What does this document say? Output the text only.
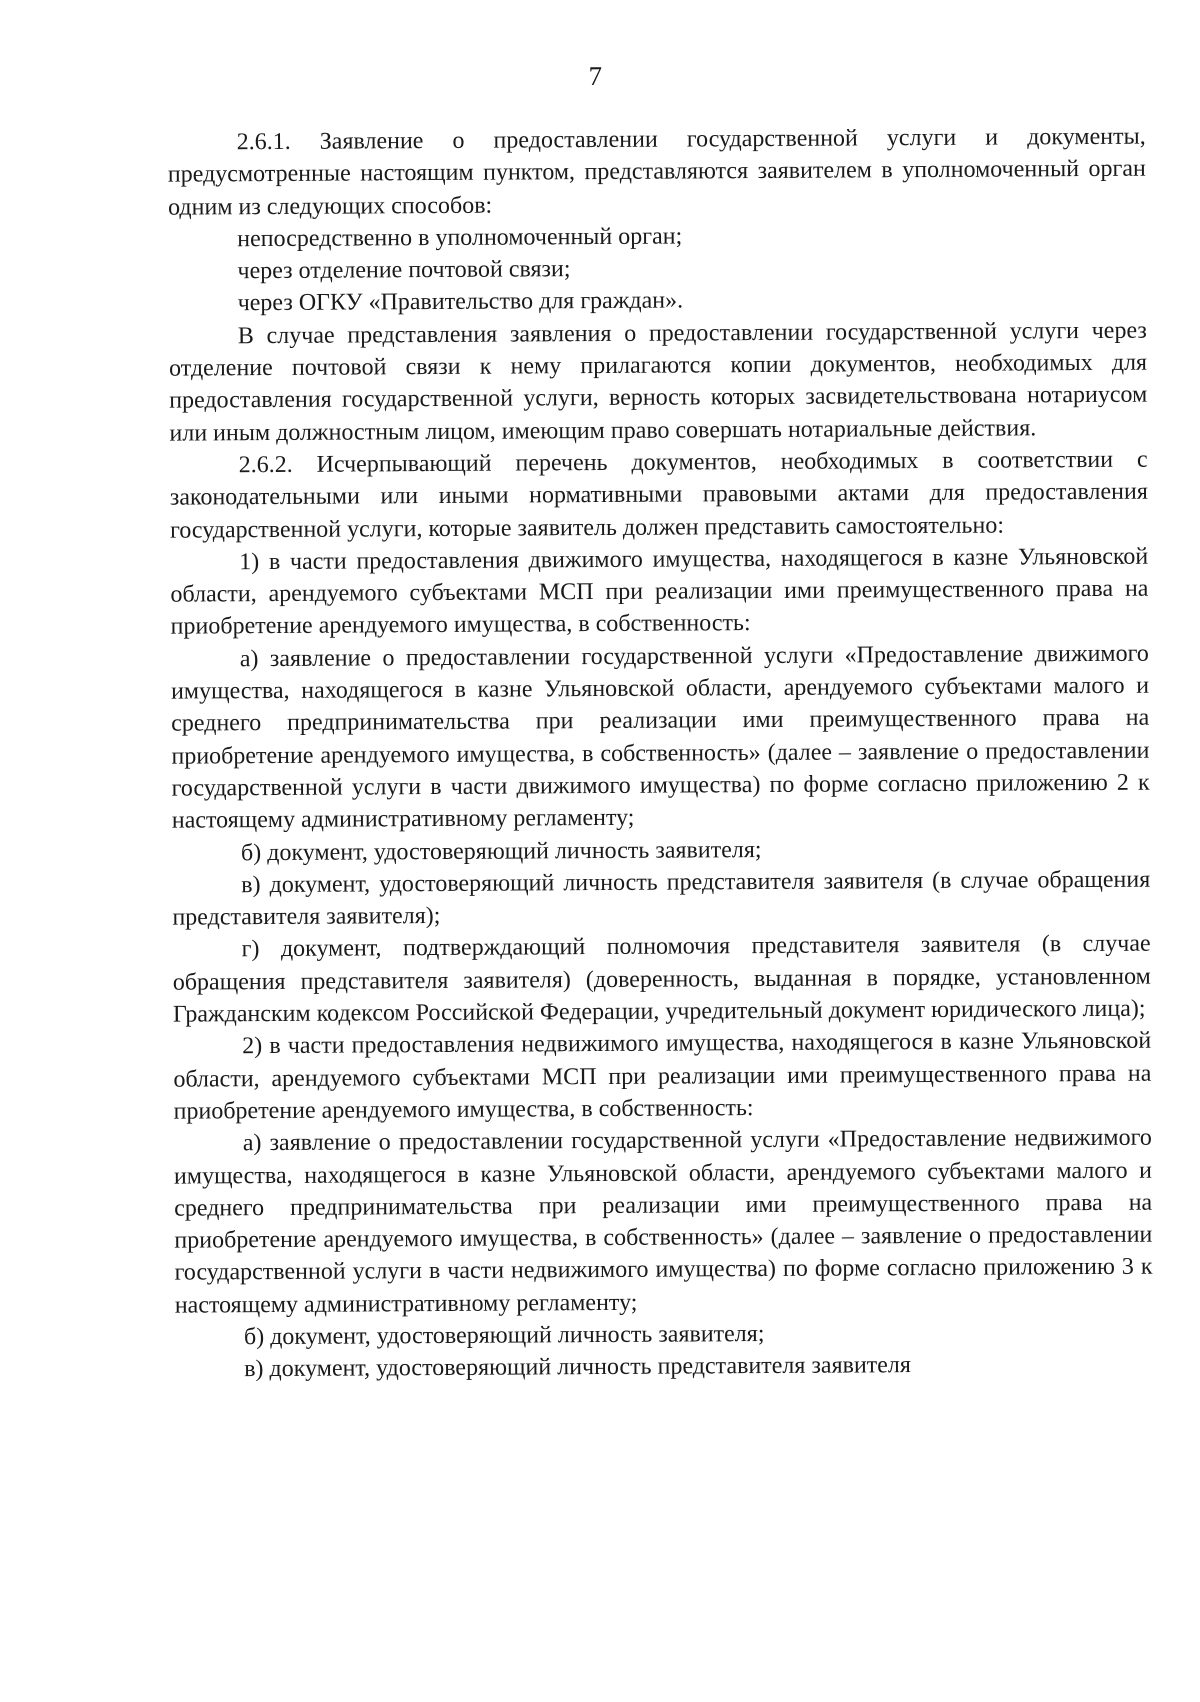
7

2.6.1. Заявление о предоставлении государственной услуги и документы, предусмотренные настоящим пунктом, представляются заявителем в уполномоченный орган одним из следующих способов:

непосредственно в уполномоченный орган;

через отделение почтовой связи;

через ОГКУ «Правительство для граждан».

В случае представления заявления о предоставлении государственной услуги через отделение почтовой связи к нему прилагаются копии документов, необходимых для предоставления государственной услуги, верность которых засвидетельствована нотариусом или иным должностным лицом, имеющим право совершать нотариальные действия.

2.6.2. Исчерпывающий перечень документов, необходимых в соответствии с законодательными или иными нормативными правовыми актами для предоставления государственной услуги, которые заявитель должен представить самостоятельно:

1) в части предоставления движимого имущества, находящегося в казне Ульяновской области, арендуемого субъектами МСП при реализации ими преимущественного права на приобретение арендуемого имущества, в собственность:

а) заявление о предоставлении государственной услуги «Предоставление движимого имущества, находящегося в казне Ульяновской области, арендуемого субъектами малого и среднего предпринимательства при реализации ими преимущественного права на приобретение арендуемого имущества, в собственность» (далее – заявление о предоставлении государственной услуги в части движимого имущества) по форме согласно приложению 2 к настоящему административному регламенту;

б) документ, удостоверяющий личность заявителя;

в) документ, удостоверяющий личность представителя заявителя (в случае обращения представителя заявителя);

г) документ, подтверждающий полномочия представителя заявителя (в случае обращения представителя заявителя) (доверенность, выданная в порядке, установленном Гражданским кодексом Российской Федерации, учредительный документ юридического лица);

2) в части предоставления недвижимого имущества, находящегося в казне Ульяновской области, арендуемого субъектами МСП при реализации ими преимущественного права на приобретение арендуемого имущества, в собственность:

а) заявление о предоставлении государственной услуги «Предоставление недвижимого имущества, находящегося в казне Ульяновской области, арендуемого субъектами малого и среднего предпринимательства при реализации ими преимущественного права на приобретение арендуемого имущества, в собственность» (далее – заявление о предоставлении государственной услуги в части недвижимого имущества) по форме согласно приложению 3 к настоящему административному регламенту;

б) документ, удостоверяющий личность заявителя;

в) документ, удостоверяющий личность представителя заявителя
